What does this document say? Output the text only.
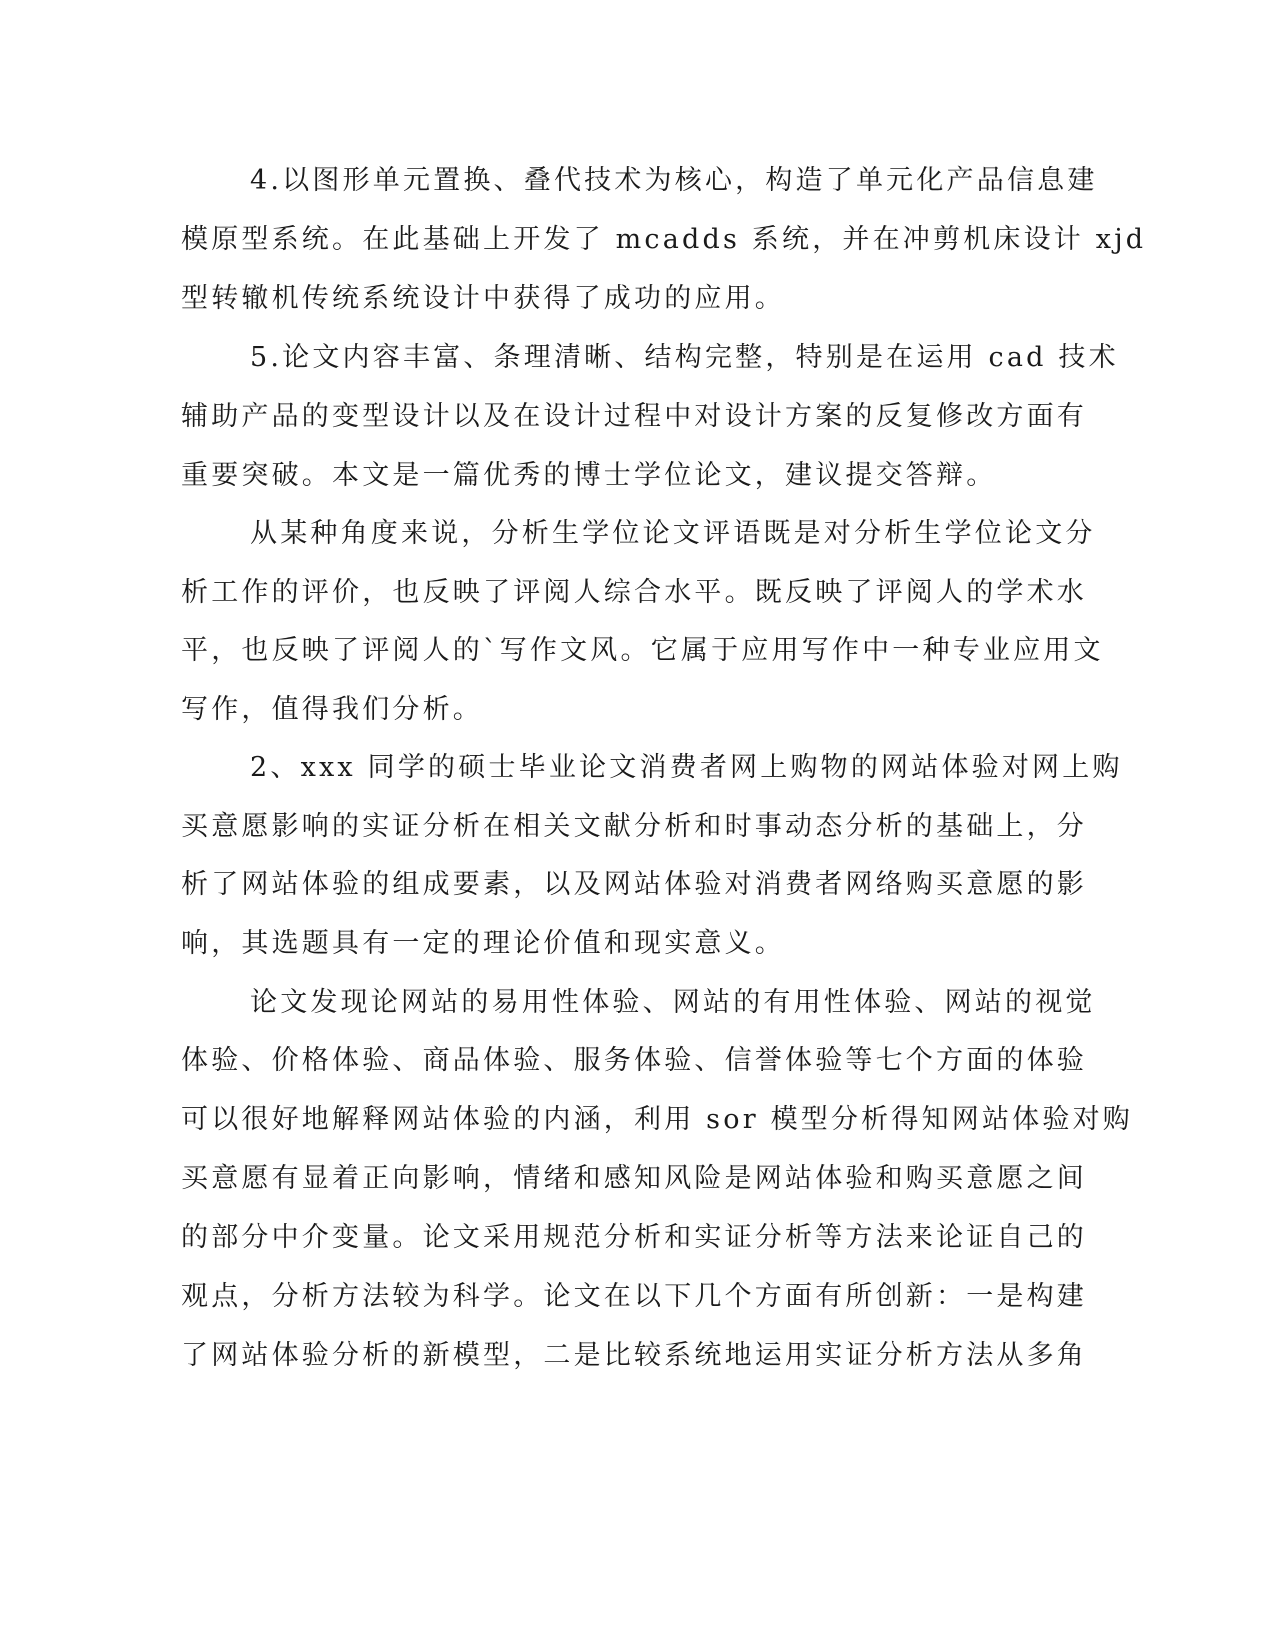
4.以图形单元置换、叠代技术为核心，构造了单元化产品信息建
模原型系统。在此基础上开发了 mcadds 系统，并在冲剪机床设计 xjd
型转辙机传统系统设计中获得了成功的应用。
5.论文内容丰富、条理清晰、结构完整，特别是在运用 cad 技术
辅助产品的变型设计以及在设计过程中对设计方案的反复修改方面有
重要突破。本文是一篇优秀的博士学位论文，建议提交答辩。
从某种角度来说，分析生学位论文评语既是对分析生学位论文分
析工作的评价，也反映了评阅人综合水平。既反映了评阅人的学术水
平，也反映了评阅人的`写作文风。它属于应用写作中一种专业应用文
写作，值得我们分析。
2、xxx 同学的硕士毕业论文消费者网上购物的网站体验对网上购
买意愿影响的实证分析在相关文献分析和时事动态分析的基础上，分
析了网站体验的组成要素，以及网站体验对消费者网络购买意愿的影
响，其选题具有一定的理论价值和现实意义。
论文发现论网站的易用性体验、网站的有用性体验、网站的视觉
体验、价格体验、商品体验、服务体验、信誉体验等七个方面的体验
可以很好地解释网站体验的内涵，利用 sor 模型分析得知网站体验对购
买意愿有显着正向影响，情绪和感知风险是网站体验和购买意愿之间
的部分中介变量。论文采用规范分析和实证分析等方法来论证自己的
观点，分析方法较为科学。论文在以下几个方面有所创新：一是构建
了网站体验分析的新模型，二是比较系统地运用实证分析方法从多角
